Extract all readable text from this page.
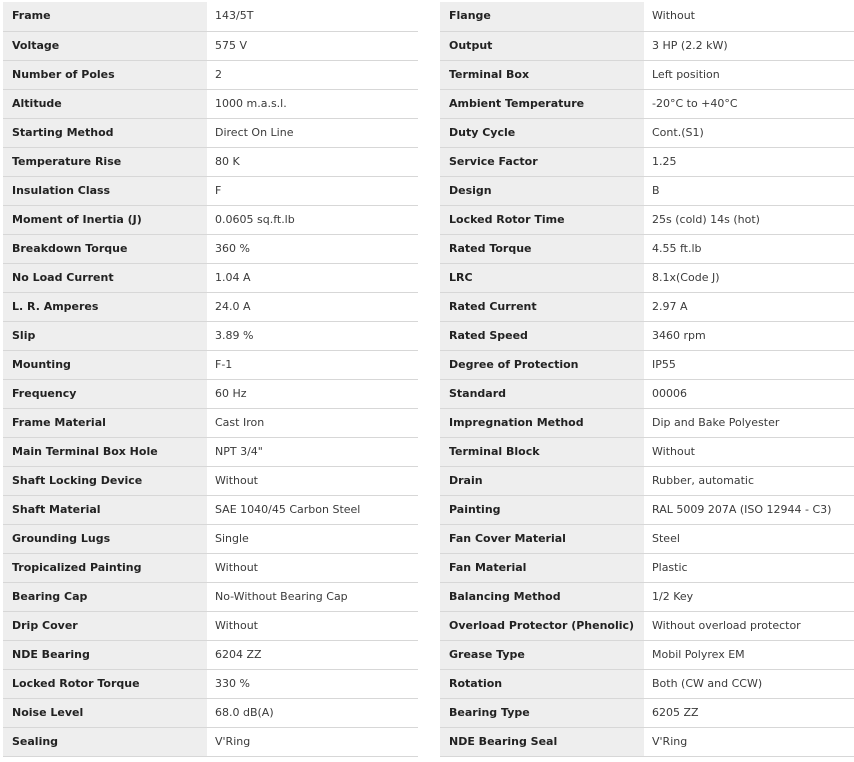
Frame	143/5T
Voltage	575 V
Number of Poles	2
Altitude	1000 m.a.s.l.
Starting Method	Direct On Line
Temperature Rise	80 K
Insulation Class	F
Moment of Inertia (J)	0.0605 sq.ft.lb
Breakdown Torque	360 %
No Load Current	1.04 A
L. R. Amperes	24.0 A
Slip	3.89 %
Mounting	F-1
Frequency	60 Hz
Frame Material	Cast Iron
Main Terminal Box Hole	NPT 3/4"
Shaft Locking Device	Without
Shaft Material	SAE 1040/45 Carbon Steel
Grounding Lugs	Single
Tropicalized Painting	Without
Bearing Cap	No-Without Bearing Cap
Drip Cover	Without
NDE Bearing	6204 ZZ
Locked Rotor Torque	330 %
Noise Level	68.0 dB(A)
Sealing	V'Ring
Flange	Without
Output	3 HP (2.2 kW)
Terminal Box	Left position
Ambient Temperature	-20°C to +40°C
Duty Cycle	Cont.(S1)
Service Factor	1.25
Design	B
Locked Rotor Time	25s (cold) 14s (hot)
Rated Torque	4.55 ft.lb
LRC	8.1x(Code J)
Rated Current	2.97 A
Rated Speed	3460 rpm
Degree of Protection	IP55
Standard	00006
Impregnation Method	Dip and Bake Polyester
Terminal Block	Without
Drain	Rubber, automatic
Painting	RAL 5009 207A (ISO 12944 - C3)
Fan Cover Material	Steel
Fan Material	Plastic
Balancing Method	1/2 Key
Overload Protector (Phenolic)	Without overload protector
Grease Type	Mobil Polyrex EM
Rotation	Both (CW and CCW)
Bearing Type	6205 ZZ
NDE Bearing Seal	V'Ring
